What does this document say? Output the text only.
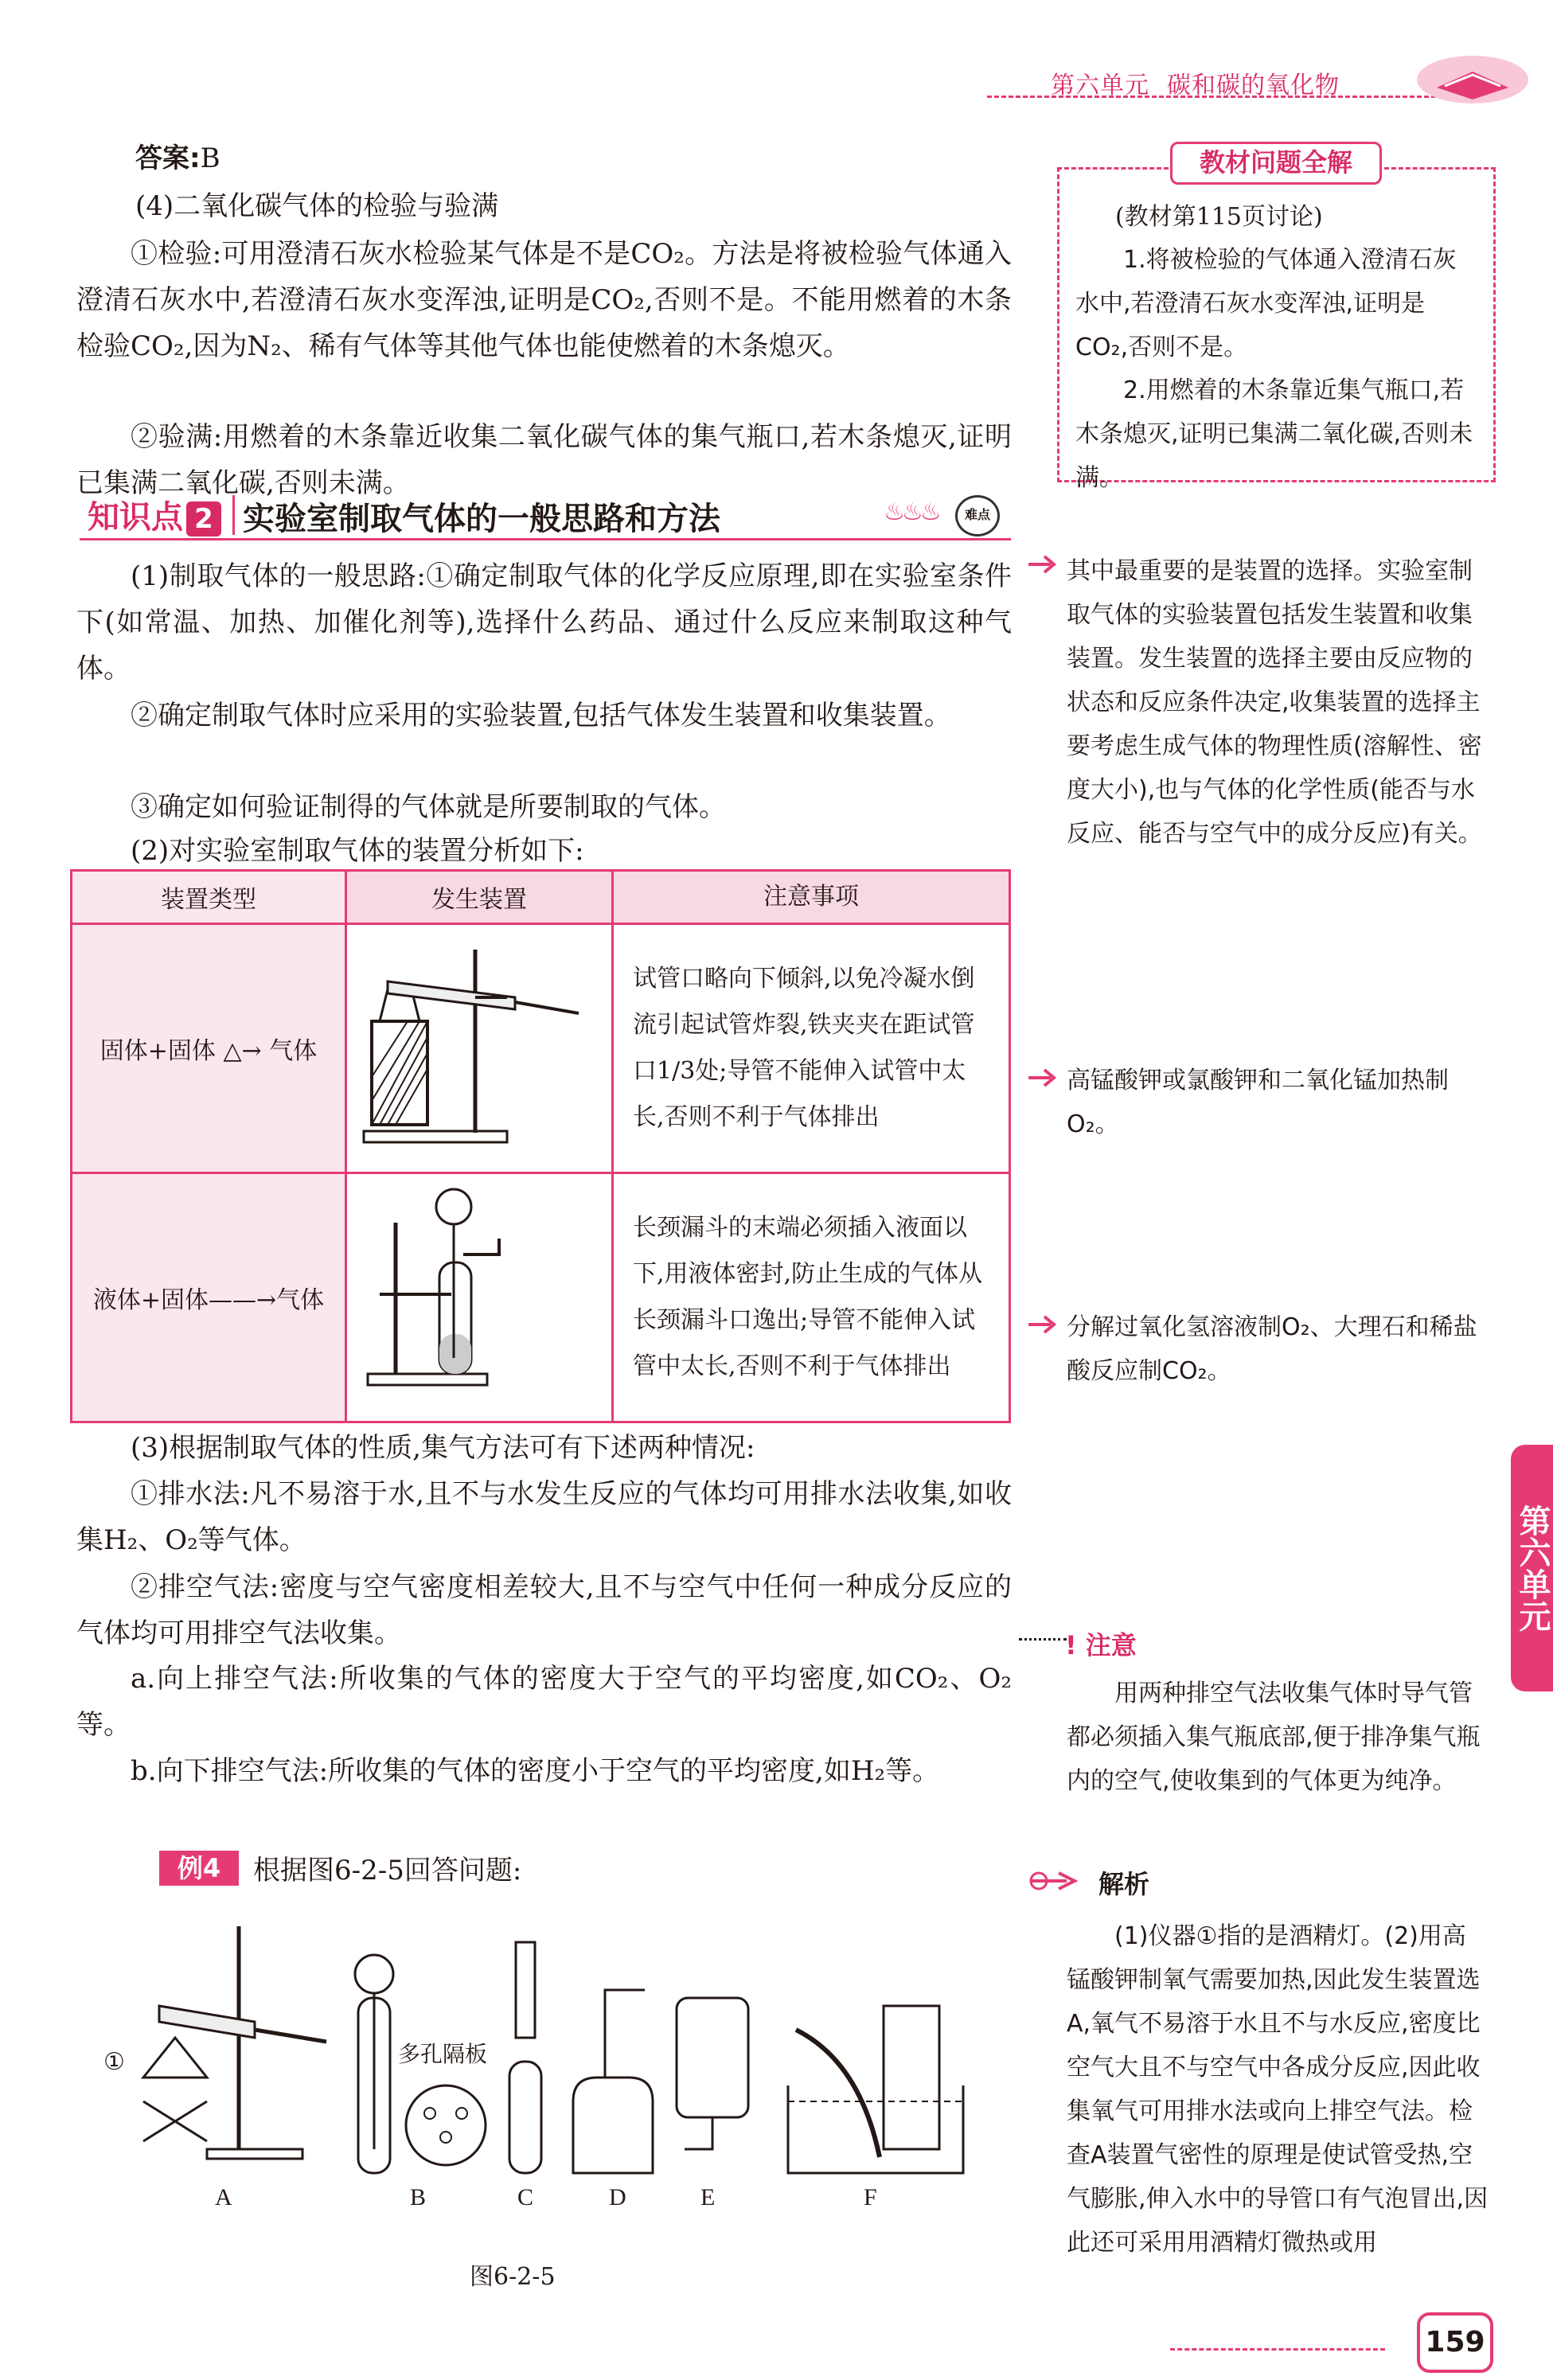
第六单元 碳和碳的氧化物
答案:B
(4)二氧化碳气体的检验与验满
①检验:可用澄清石灰水检验某气体是不是CO₂。方法是将被检验气体通入澄清石灰水中,若澄清石灰水变浑浊,证明是CO₂,否则不是。不能用燃着的木条检验CO₂,因为N₂、稀有气体等其他气体也能使燃着的木条熄灭。
②验满:用燃着的木条靠近收集二氧化碳气体的集气瓶口,若木条熄灭,证明已集满二氧化碳,否则未满。
知识点 2 实验室制取气体的一般思路和方法	♨♨♨	难点
(1)制取气体的一般思路:①确定制取气体的化学反应原理,即在实验室条件下(如常温、加热、加催化剂等),选择什么药品、通过什么反应来制取这种气体。
②确定制取气体时应采用的实验装置,包括气体发生装置和收集装置。
③确定如何验证制得的气体就是所要制取的气体。
(2)对实验室制取气体的装置分析如下:
装置类型	发生装置	注意事项
固体+固体 △→ 气体		试管口略向下倾斜,以免冷凝水倒流引起试管炸裂,铁夹夹在距试管口1/3处;导管不能伸入试管中太长,否则不利于气体排出
液体+固体——→气体		长颈漏斗的末端必须插入液面以下,用液体密封,防止生成的气体从长颈漏斗口逸出;导管不能伸入试管中太长,否则不利于气体排出
(3)根据制取气体的性质,集气方法可有下述两种情况:
①排水法:凡不易溶于水,且不与水发生反应的气体均可用排水法收集,如收集H₂、O₂等气体。
②排空气法:密度与空气密度相差较大,且不与空气中任何一种成分反应的气体均可用排空气法收集。
a.向上排空气法:所收集的气体的密度大于空气的平均密度,如CO₂、O₂等。
b.向下排空气法:所收集的气体的密度小于空气的平均密度,如H₂等。
例4	根据图6-2-5回答问题:
A	B	C	D	E	F
多孔隔板
①
图6-2-5
(教材第115页讨论)
1.将被检验的气体通入澄清石灰水中,若澄清石灰水变浑浊,证明是CO₂,否则不是。
2.用燃着的木条靠近集气瓶口,若木条熄灭,证明已集满二氧化碳,否则未满。
教材问题全解
其中最重要的是装置的选择。实验室制取气体的实验装置包括发生装置和收集装置。发生装置的选择主要由反应物的状态和反应条件决定,收集装置的选择主要考虑生成气体的物理性质(溶解性、密度大小),也与气体的化学性质(能否与水反应、能否与空气中的成分反应)有关。
高锰酸钾或氯酸钾和二氧化锰加热制O₂。
分解过氧化氢溶液制O₂、大理石和稀盐酸反应制CO₂。
! 注意
用两种排空气法收集气体时导气管都必须插入集气瓶底部,便于排净集气瓶内的空气,使收集到的气体更为纯净。
解析
(1)仪器①指的是酒精灯。(2)用高锰酸钾制氧气需要加热,因此发生装置选A,氧气不易溶于水且不与水反应,密度比空气大且不与空气中各成分反应,因此收集氧气可用排水法或向上排空气法。检查A装置气密性的原理是使试管受热,空气膨胀,伸入水中的导管口有气泡冒出,因此还可采用用酒精灯微热或用
第六单元
159
